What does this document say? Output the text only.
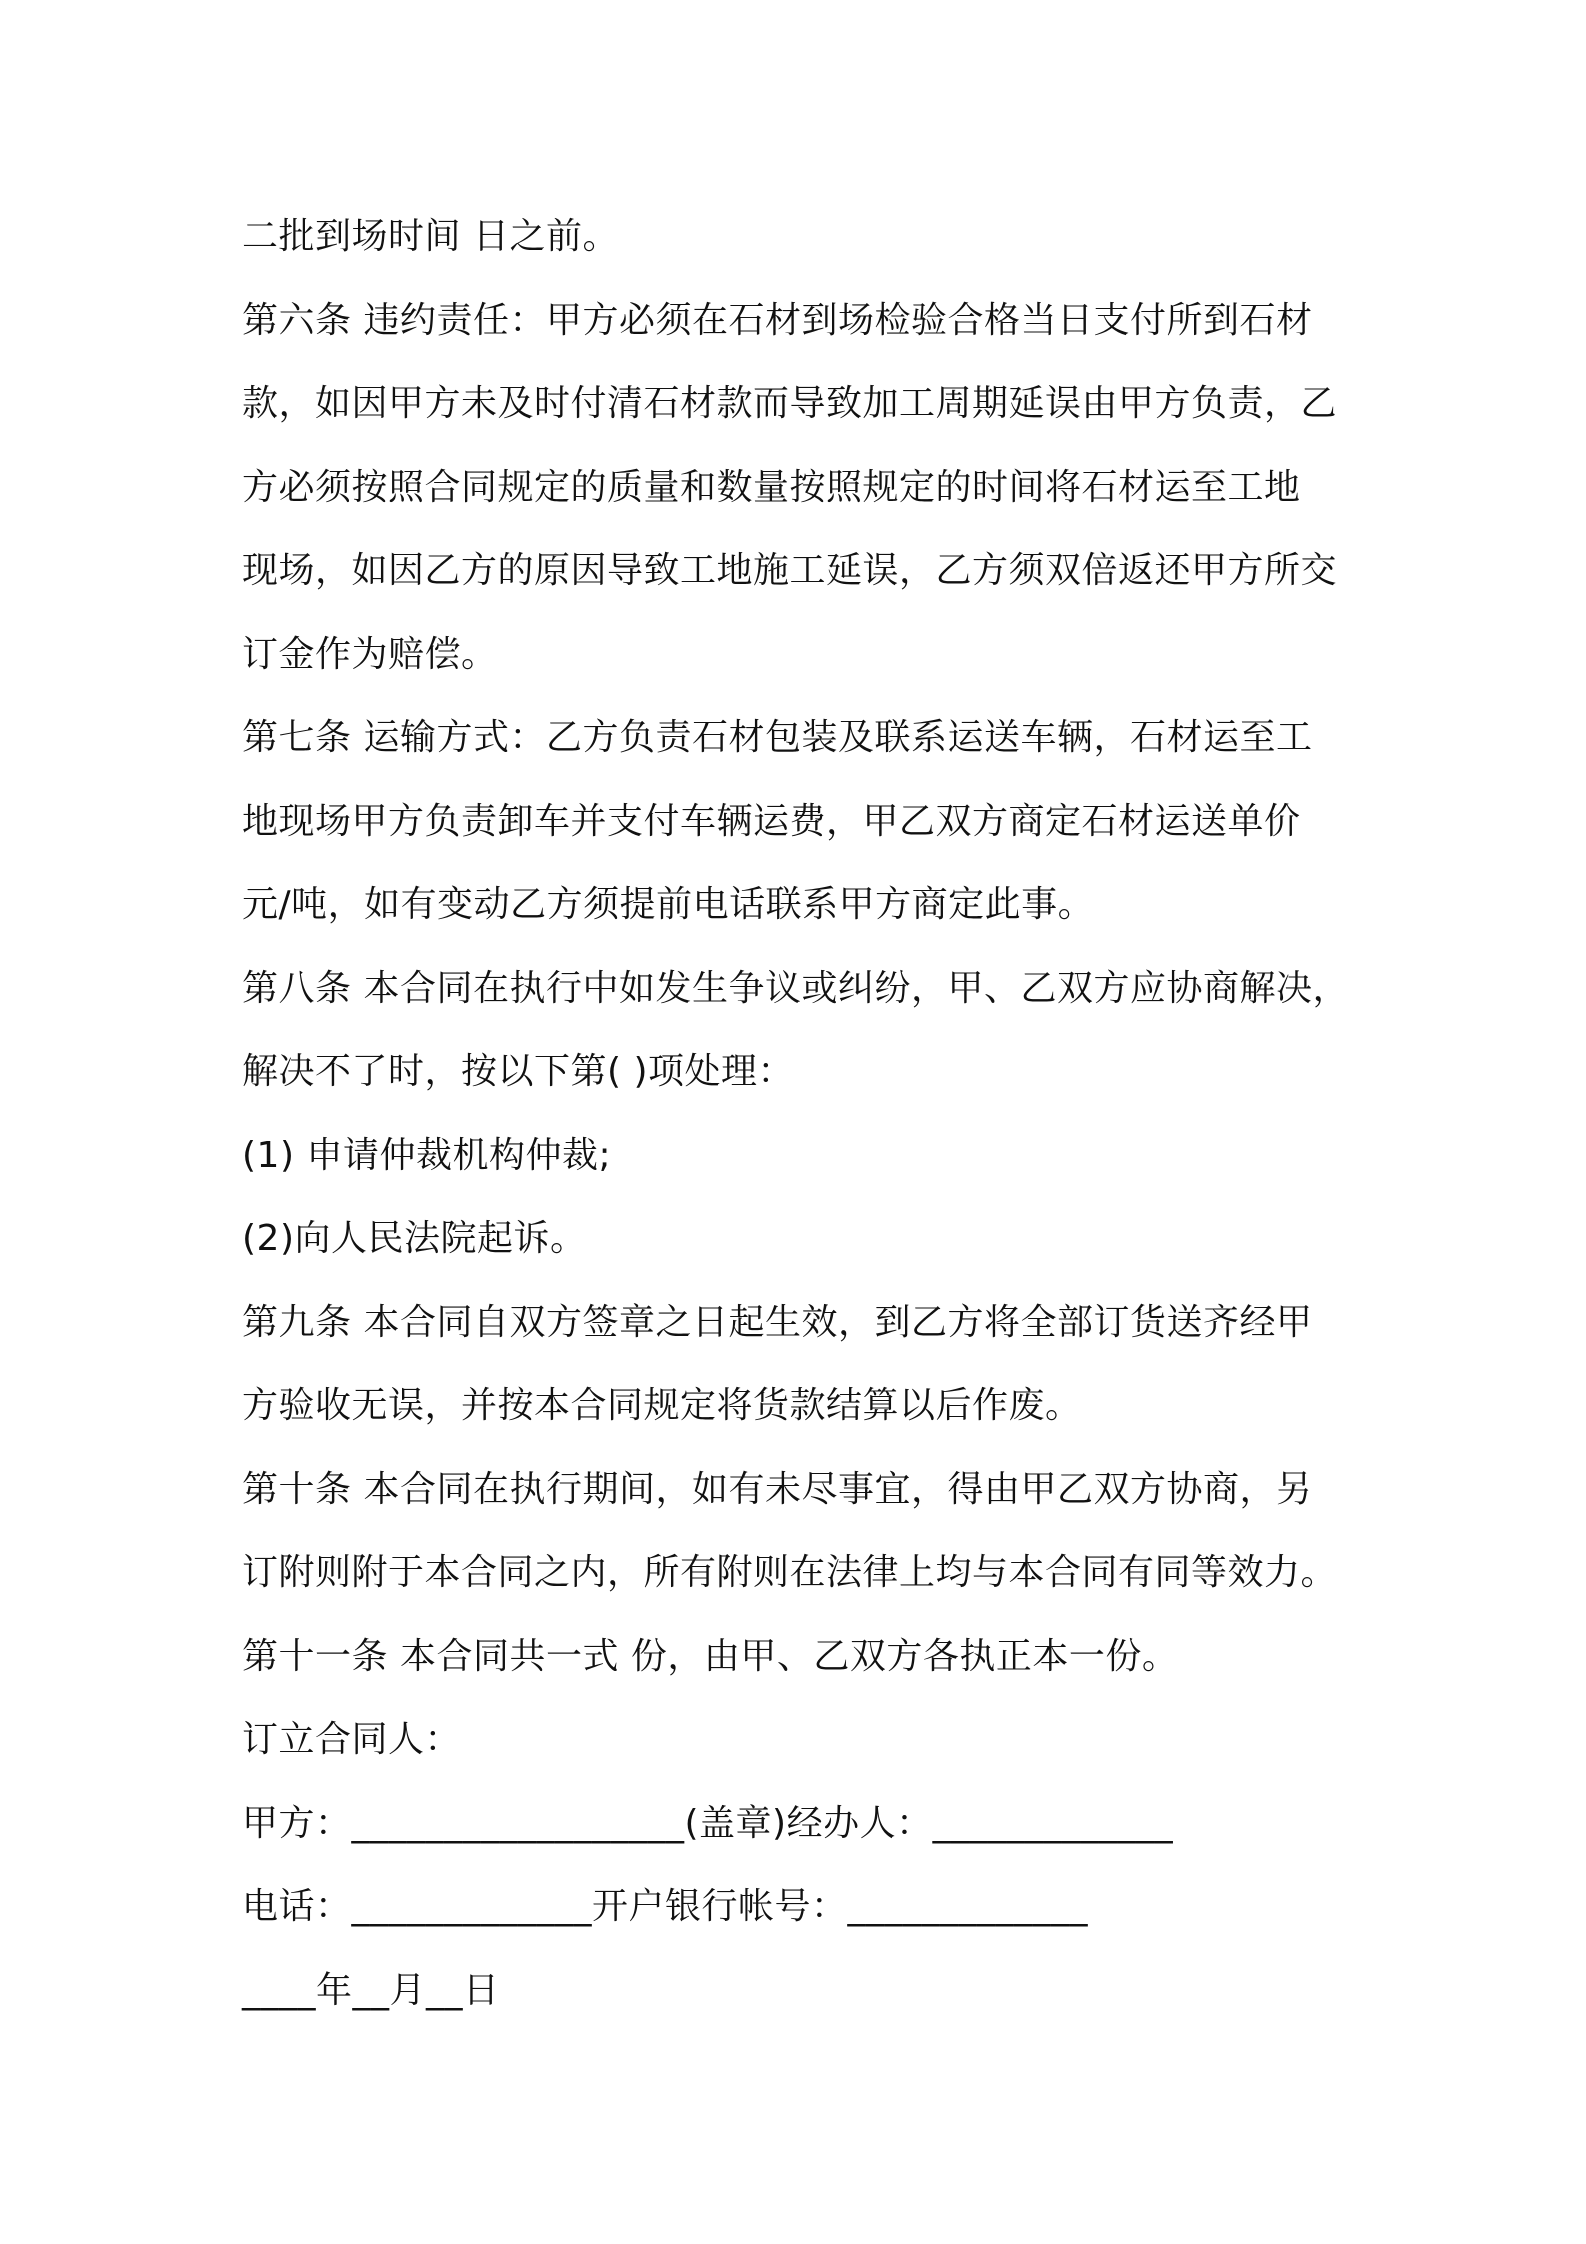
二批到场时间 日之前。
第六条 违约责任：甲方必须在石材到场检验合格当日支付所到石材
款，如因甲方未及时付清石材款而导致加工周期延误由甲方负责，乙
方必须按照合同规定的质量和数量按照规定的时间将石材运至工地
现场，如因乙方的原因导致工地施工延误，乙方须双倍返还甲方所交
订金作为赔偿。
第七条 运输方式：乙方负责石材包装及联系运送车辆，石材运至工
地现场甲方负责卸车并支付车辆运费，甲乙双方商定石材运送单价
元/吨，如有变动乙方须提前电话联系甲方商定此事。
第八条 本合同在执行中如发生争议或纠纷，甲、乙双方应协商解决，
解决不了时，按以下第( )项处理：
(1) 申请仲裁机构仲裁;
(2)向人民法院起诉。
第九条 本合同自双方签章之日起生效，到乙方将全部订货送齐经甲
方验收无误，并按本合同规定将货款结算以后作废。
第十条 本合同在执行期间，如有未尽事宜，得由甲乙双方协商，另
订附则附于本合同之内，所有附则在法律上均与本合同有同等效力。
第十一条 本合同共一式 份，由甲、乙双方各执正本一份。
订立合同人：
甲方：__________________(盖章)经办人：_____________
电话：_____________开户银行帐号：_____________
____年__月__日
